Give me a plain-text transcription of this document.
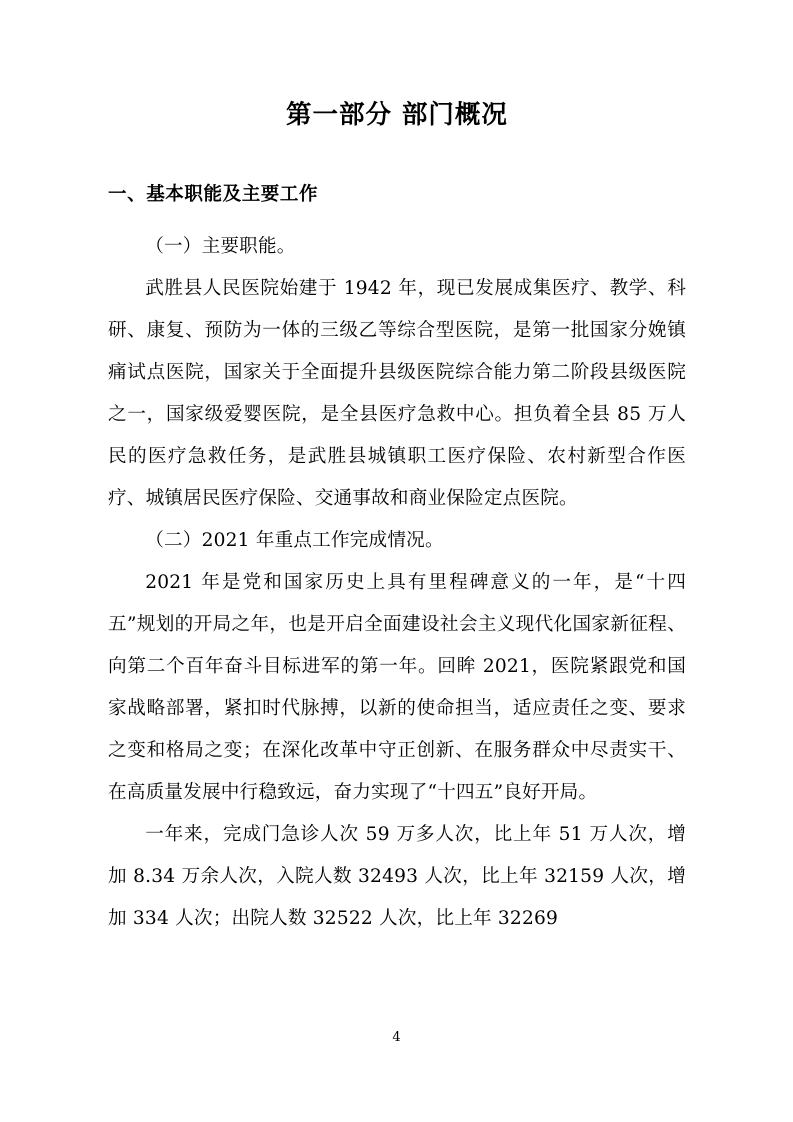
第一部分 部门概况
一、基本职能及主要工作

（一）主要职能。

武胜县人民医院始建于 1942 年，现已发展成集医疗、教学、科研、康复、预防为一体的三级乙等综合型医院，是第一批国家分娩镇痛试点医院，国家关于全面提升县级医院综合能力第二阶段县级医院之一，国家级爱婴医院，是全县医疗急救中心。担负着全县 85 万人民的医疗急救任务，是武胜县城镇职工医疗保险、农村新型合作医疗、城镇居民医疗保险、交通事故和商业保险定点医院。

（二）2021 年重点工作完成情况。

2021 年是党和国家历史上具有里程碑意义的一年，是“十四五”规划的开局之年，也是开启全面建设社会主义现代化国家新征程、向第二个百年奋斗目标进军的第一年。回眸 2021，医院紧跟党和国家战略部署，紧扣时代脉搏，以新的使命担当，适应责任之变、要求之变和格局之变；在深化改革中守正创新、在服务群众中尽责实干、在高质量发展中行稳致远，奋力实现了“十四五”良好开局。

一年来，完成门急诊人次 59 万多人次，比上年 51 万人次，增加 8.34 万余人次，入院人数 32493 人次，比上年 32159 人次，增加 334 人次；出院人数 32522 人次，比上年 32269

4
